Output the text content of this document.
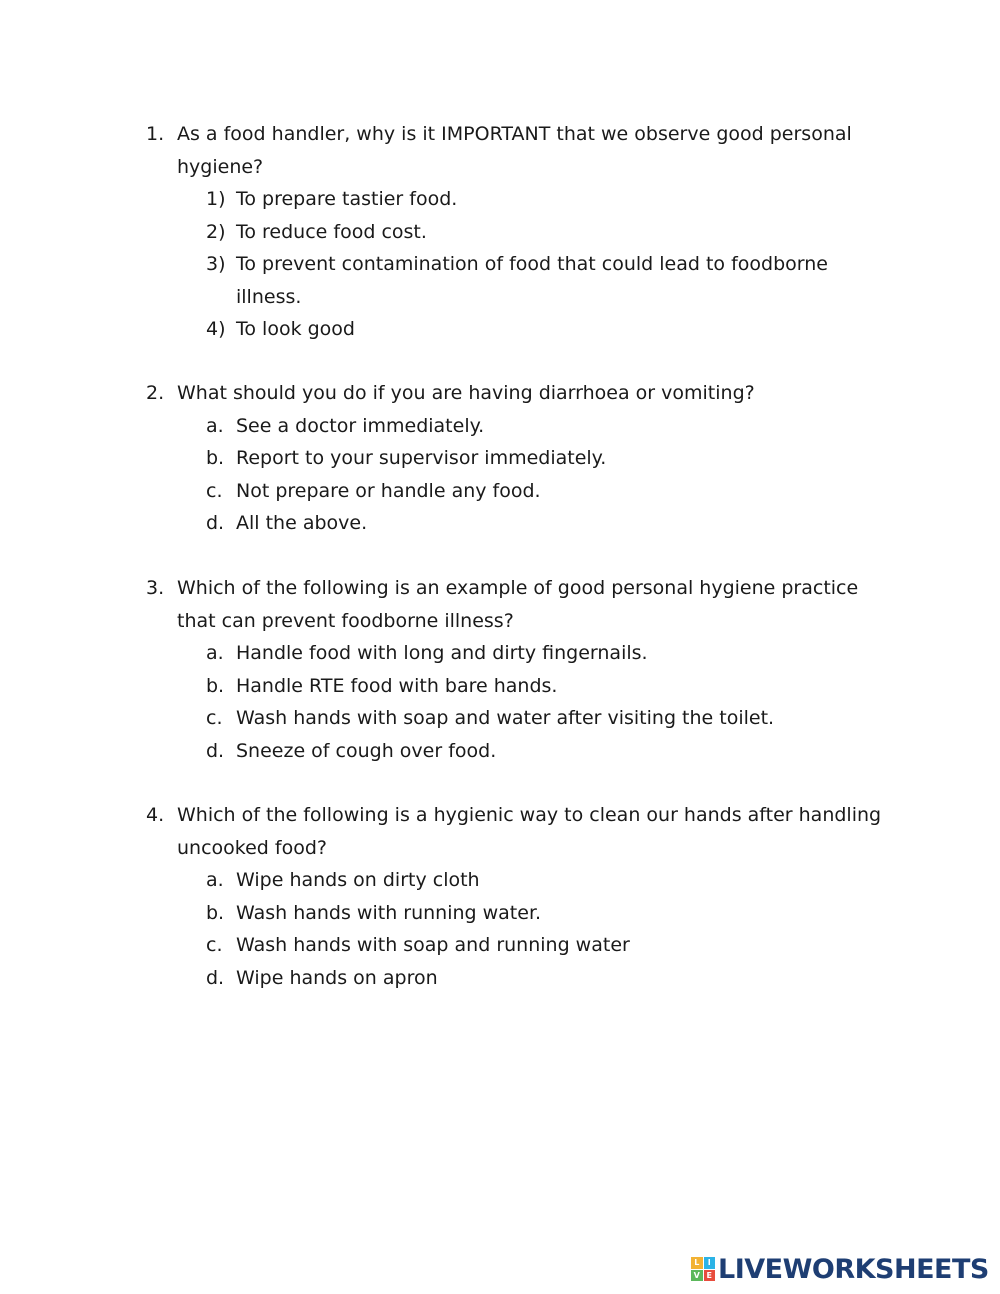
1. As a food handler, why is it IMPORTANT that we observe good personal hygiene?
1) To prepare tastier food.
2) To reduce food cost.
3) To prevent contamination of food that could lead to foodborne illness.
4) To look good
2. What should you do if you are having diarrhoea or vomiting?
a. See a doctor immediately.
b. Report to your supervisor immediately.
c. Not prepare or handle any food.
d. All the above.
3. Which of the following is an example of good personal hygiene practice that can prevent foodborne illness?
a. Handle food with long and dirty fingernails.
b. Handle RTE food with bare hands.
c. Wash hands with soap and water after visiting the toilet.
d. Sneeze of cough over food.
4. Which of the following is a hygienic way to clean our hands after handling uncooked food?
a. Wipe hands on dirty cloth
b. Wash hands with running water.
c. Wash hands with soap and running water
d. Wipe hands on apron
L	I
V E LIVEWORKSHEETS
